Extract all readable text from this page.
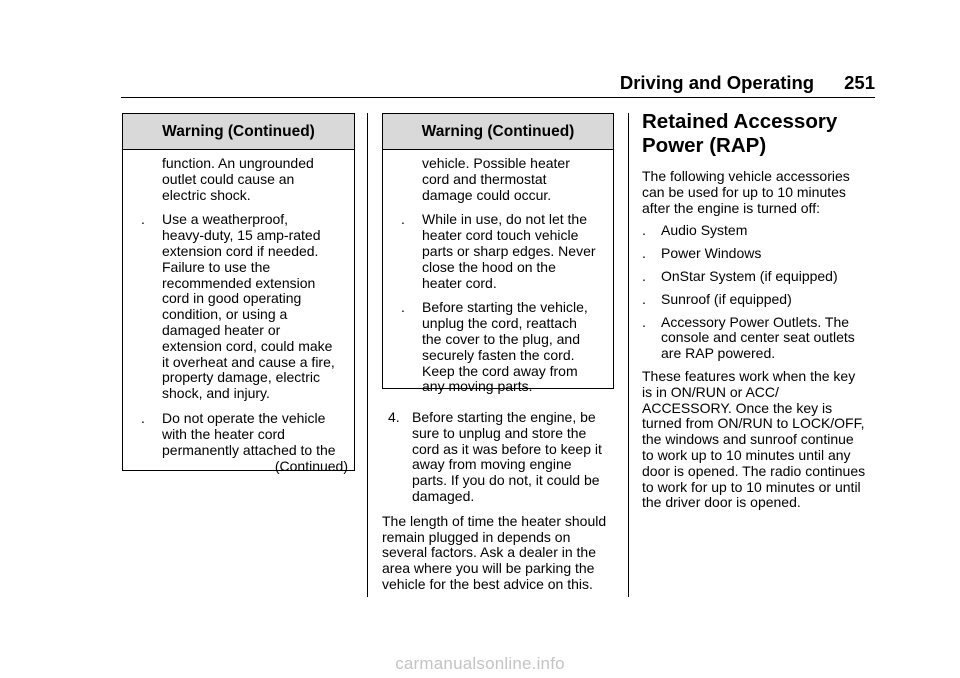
Driving and Operating 251
Warning (Continued)

function. An ungrounded
outlet could cause an
electric shock.

. Use a weatherproof,
heavy-duty, 15 amp-rated
extension cord if needed.
Failure to use the
recommended extension
cord in good operating
condition, or using a
damaged heater or
extension cord, could make
it overheat and cause a fire,
property damage, electric
shock, and injury.
. Do not operate the vehicle
with the heater cord
permanently attached to the
(Continued)
Warning (Continued)

vehicle. Possible heater
cord and thermostat
damage could occur.

. While in use, do not let the
heater cord touch vehicle
parts or sharp edges. Never
close the hood on the
heater cord.
. Before starting the vehicle,
unplug the cord, reattach
the cover to the plug, and
securely fasten the cord.
Keep the cord away from
any moving parts.
4. Before starting the engine, be
sure to unplug and store the
cord as it was before to keep it
away from moving engine
parts. If you do not, it could be
damaged.

The length of time the heater should
remain plugged in depends on
several factors. Ask a dealer in the
area where you will be parking the
vehicle for the best advice on this.

Retained Accessory
Power (RAP)

The following vehicle accessories
can be used for up to 10 minutes
after the engine is turned off:

. Audio System
. Power Windows
. OnStar System (if equipped)
. Sunroof (if equipped)
. Accessory Power Outlets. The
console and center seat outlets
are RAP powered.

These features work when the key
is in ON/RUN or ACC/
ACCESSORY. Once the key is
turned from ON/RUN to LOCK/OFF,
the windows and sunroof continue
to work up to 10 minutes until any
door is opened. The radio continues
to work for up to 10 minutes or until
the driver door is opened.

carmanualsonline.info
